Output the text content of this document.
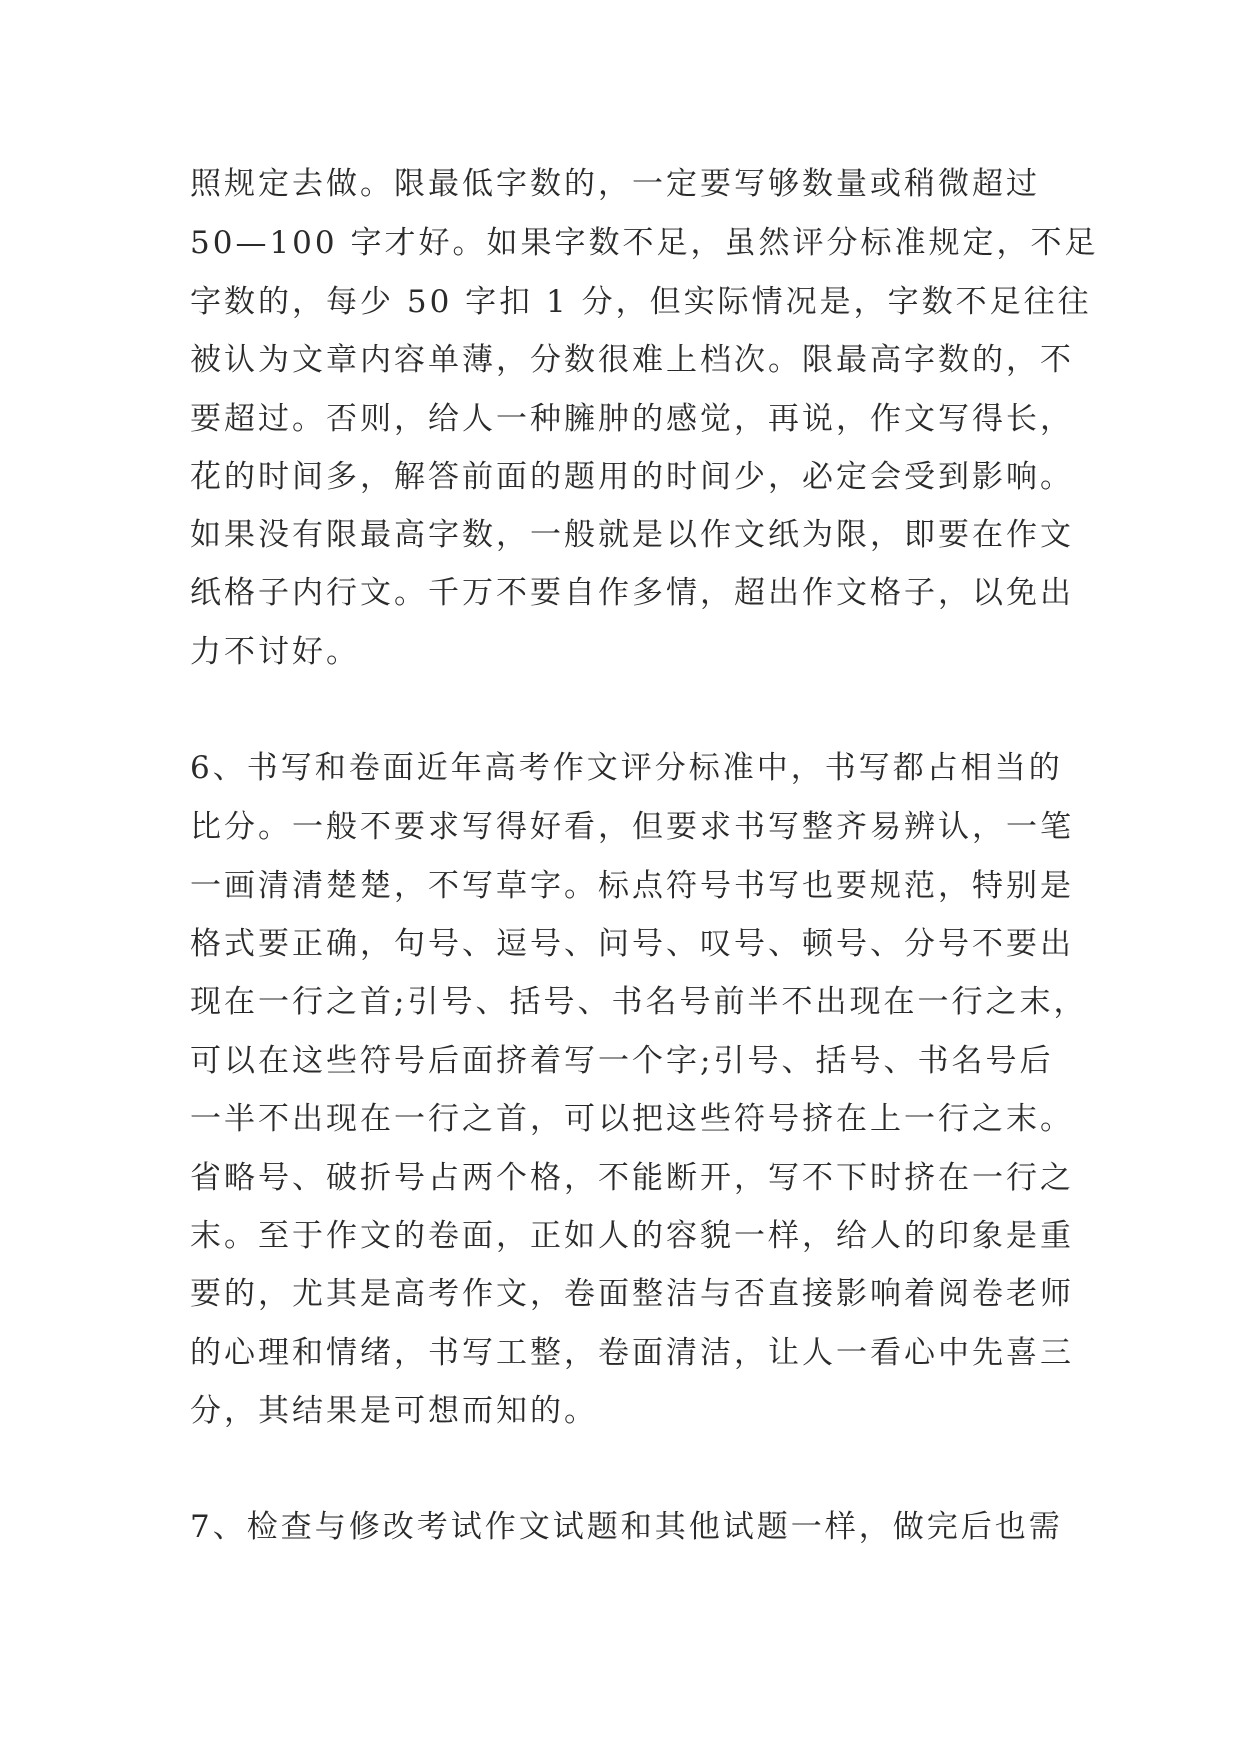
照规定去做。限最低字数的，一定要写够数量或稍微超过
50—100 字才好。如果字数不足，虽然评分标准规定，不足
字数的，每少 50 字扣 1 分，但实际情况是，字数不足往往
被认为文章内容单薄，分数很难上档次。限最高字数的，不
要超过。否则，给人一种臃肿的感觉，再说，作文写得长，
花的时间多，解答前面的题用的时间少，必定会受到影响。
如果没有限最高字数，一般就是以作文纸为限，即要在作文
纸格子内行文。千万不要自作多情，超出作文格子，以免出
力不讨好。
6、书写和卷面近年高考作文评分标准中，书写都占相当的
比分。一般不要求写得好看，但要求书写整齐易辨认，一笔
一画清清楚楚，不写草字。标点符号书写也要规范，特别是
格式要正确，句号、逗号、问号、叹号、顿号、分号不要出
现在一行之首;引号、括号、书名号前半不出现在一行之末，
可以在这些符号后面挤着写一个字;引号、括号、书名号后
一半不出现在一行之首，可以把这些符号挤在上一行之末。
省略号、破折号占两个格，不能断开，写不下时挤在一行之
末。至于作文的卷面，正如人的容貌一样，给人的印象是重
要的，尤其是高考作文，卷面整洁与否直接影响着阅卷老师
的心理和情绪，书写工整，卷面清洁，让人一看心中先喜三
分，其结果是可想而知的。
7、检查与修改考试作文试题和其他试题一样，做完后也需
